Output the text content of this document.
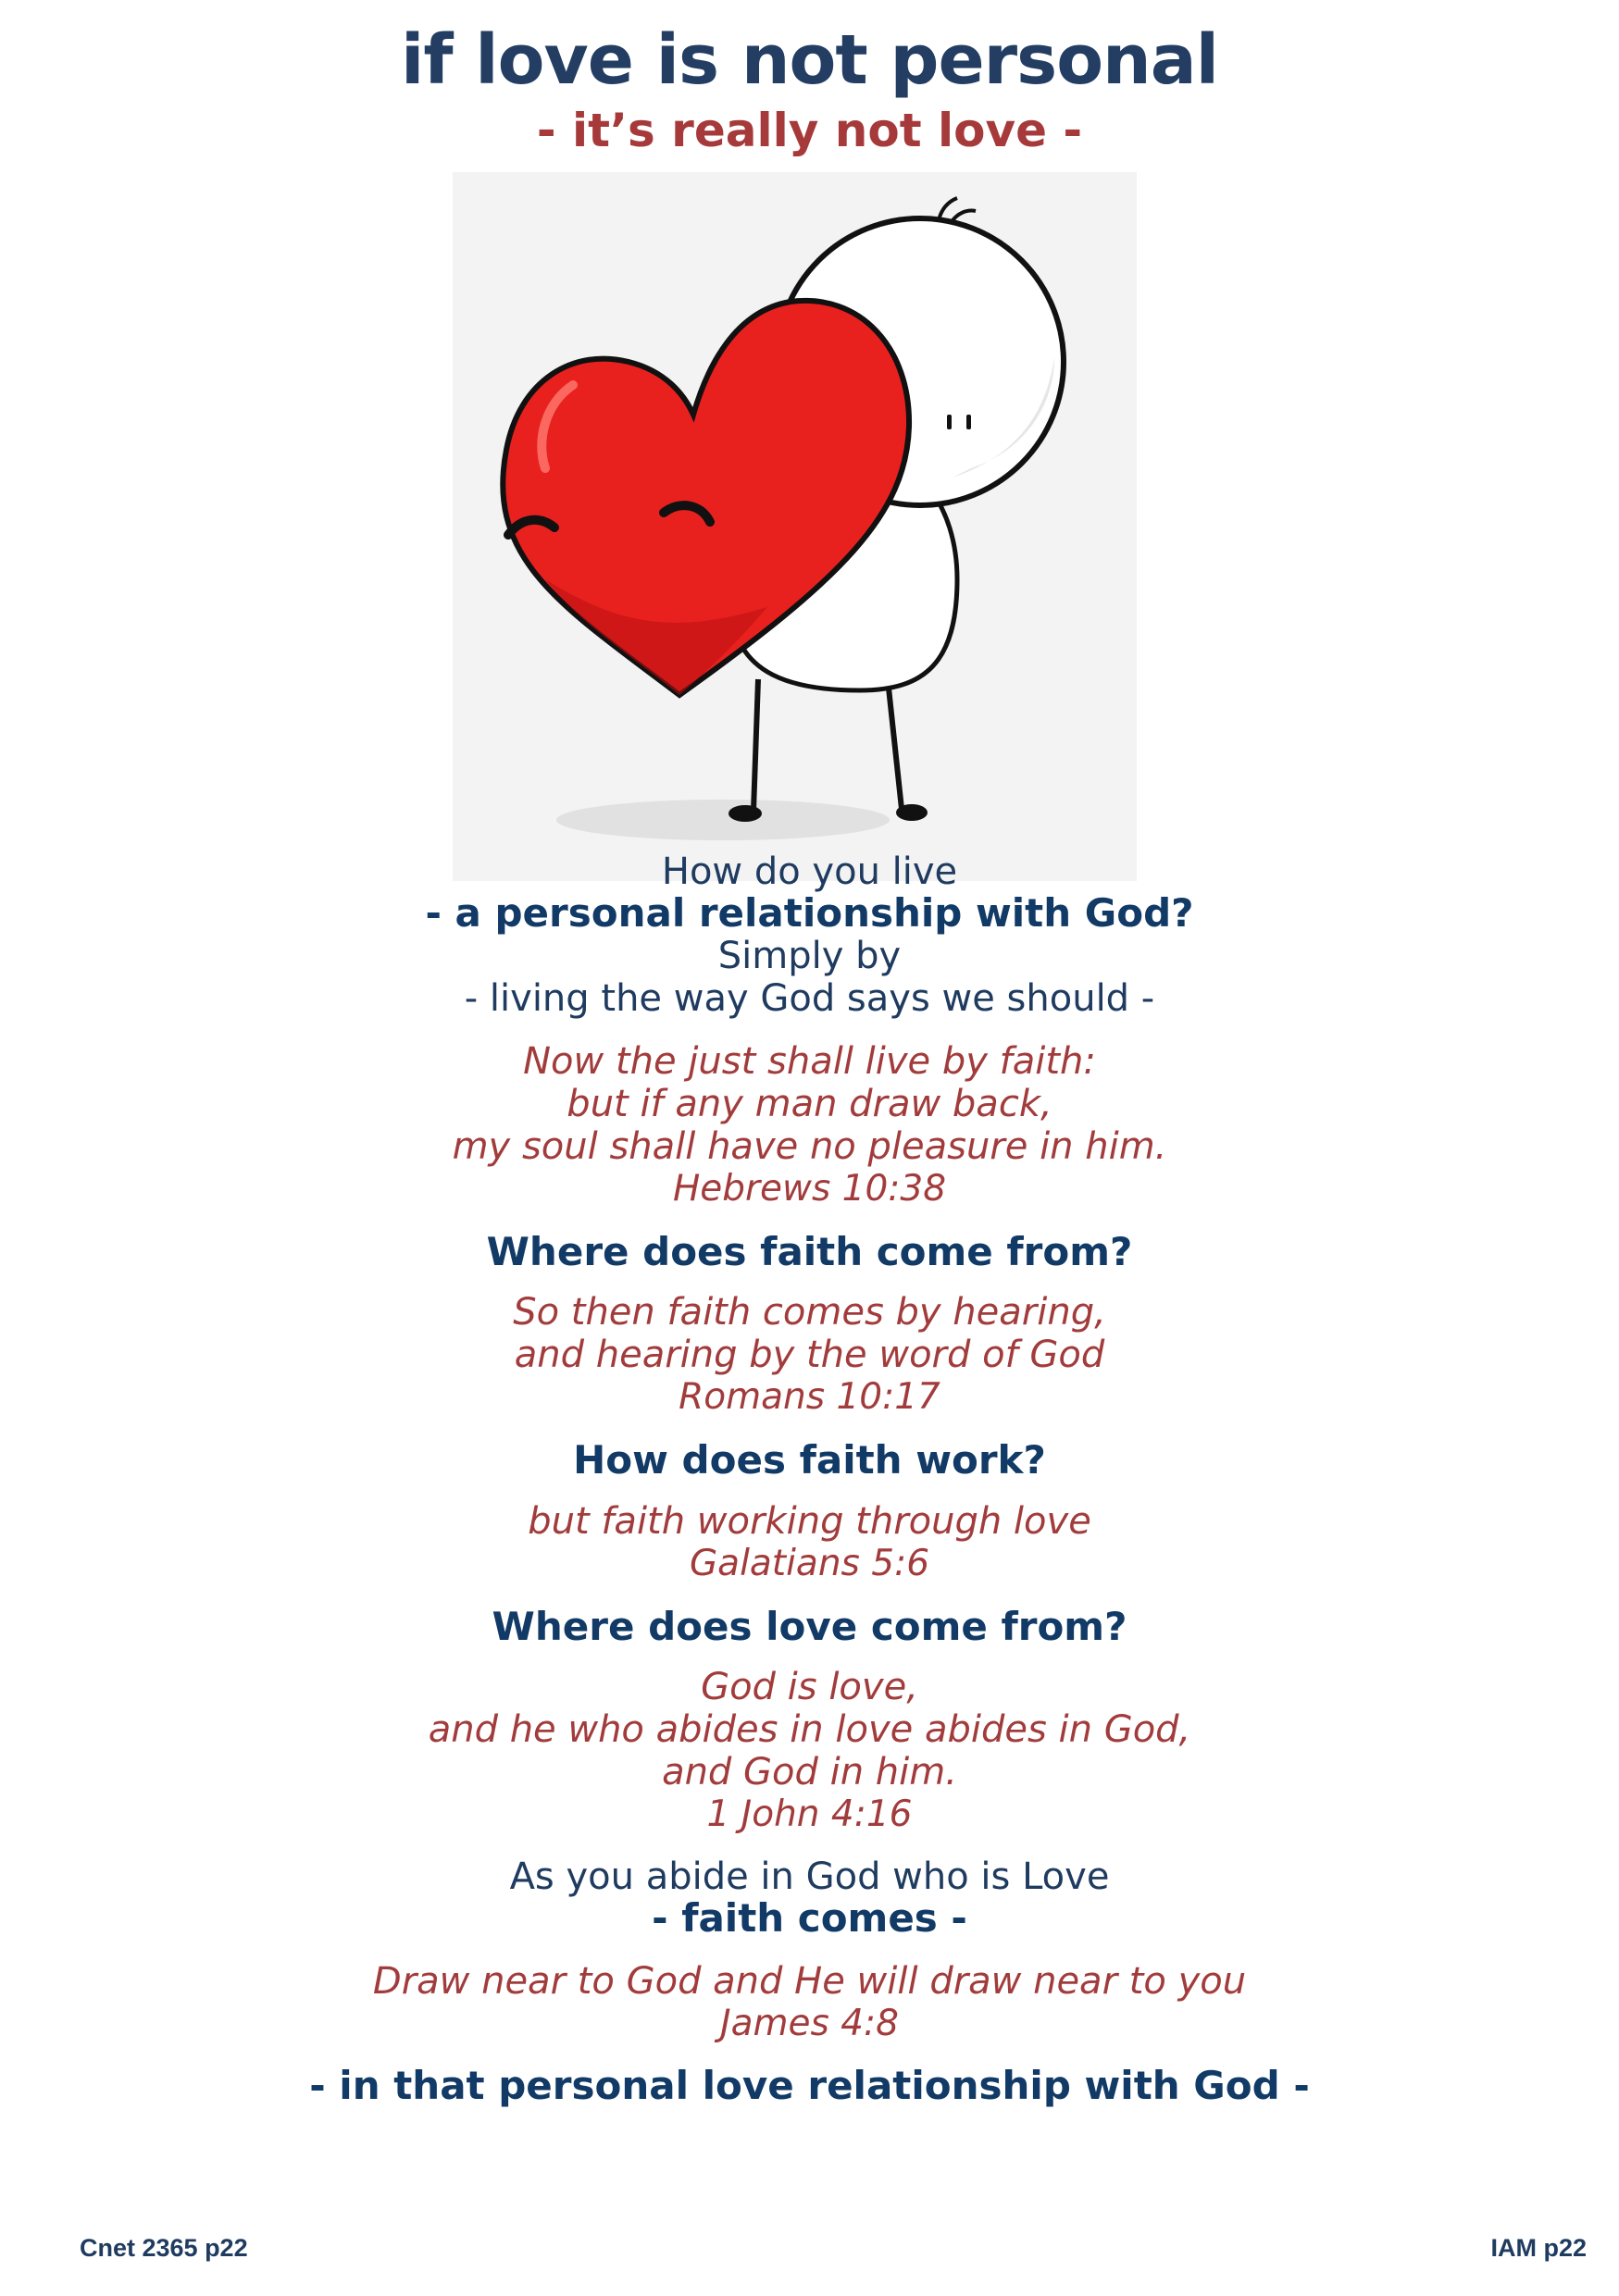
if love is not personal
- it’s really not love -
How do you live
- a personal relationship with God?
Simply by
- living the way God says we should -
Now the just shall live by faith:
but if any man draw back,
my soul shall have no pleasure in him.
Hebrews 10:38
Where does faith come from?
So then faith comes by hearing,
and hearing by the word of God
Romans 10:17
How does faith work?
but faith working through love
Galatians 5:6
Where does love come from?
God is love,
and he who abides in love abides in God,
and God in him.
1 John 4:16
As you abide in God who is Love
- faith comes -
Draw near to God and He will draw near to you
James 4:8
- in that personal love relationship with God -
Cnet 2365 p22	IAM p22
